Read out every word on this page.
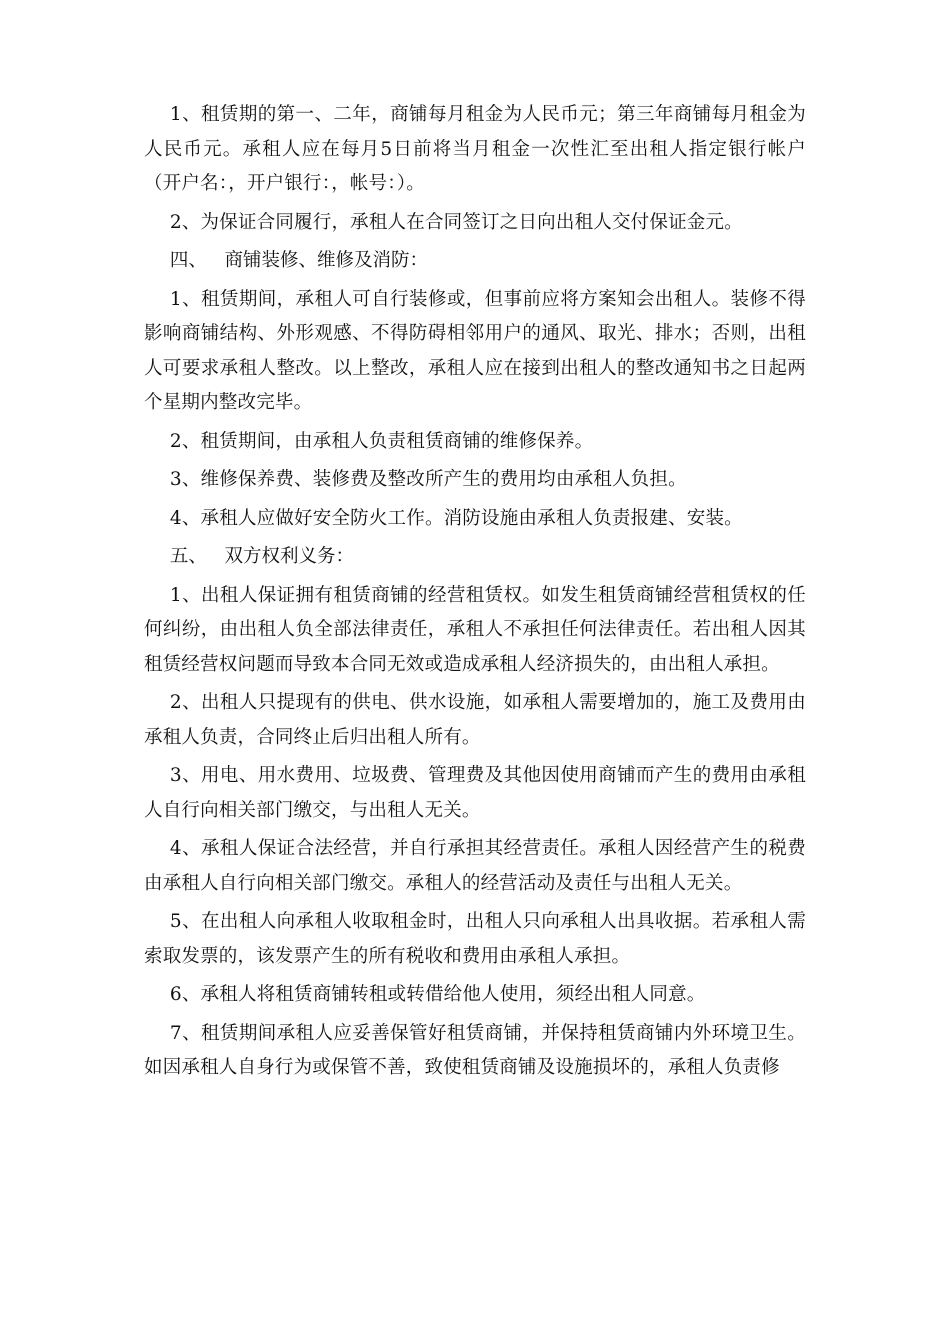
1、租赁期的第一、二年，商铺每月租金为人民币元；第三年商铺每月租金为人民币元。承租人应在每月5日前将当月租金一次性汇至出租人指定银行帐户（开户名：，开户银行：，帐号：）。

2、为保证合同履行，承租人在合同签订之日向出租人交付保证金元。

四、   商铺装修、维修及消防：

1、租赁期间，承租人可自行装修或，但事前应将方案知会出租人。装修不得影响商铺结构、外形观感、不得防碍相邻用户的通风、取光、排水；否则，出租人可要求承租人整改。以上整改，承租人应在接到出租人的整改通知书之日起两个星期内整改完毕。

2、租赁期间，由承租人负责租赁商铺的维修保养。

3、维修保养费、装修费及整改所产生的费用均由承租人负担。

4、承租人应做好安全防火工作。消防设施由承租人负责报建、安装。

五、   双方权利义务：

1、出租人保证拥有租赁商铺的经营租赁权。如发生租赁商铺经营租赁权的任何纠纷，由出租人负全部法律责任，承租人不承担任何法律责任。若出租人因其租赁经营权问题而导致本合同无效或造成承租人经济损失的，由出租人承担。

2、出租人只提现有的供电、供水设施，如承租人需要增加的，施工及费用由承租人负责，合同终止后归出租人所有。

3、用电、用水费用、垃圾费、管理费及其他因使用商铺而产生的费用由承租人自行向相关部门缴交，与出租人无关。

4、承租人保证合法经营，并自行承担其经营责任。承租人因经营产生的税费由承租人自行向相关部门缴交。承租人的经营活动及责任与出租人无关。

5、在出租人向承租人收取租金时，出租人只向承租人出具收据。若承租人需索取发票的，该发票产生的所有税收和费用由承租人承担。

6、承租人将租赁商铺转租或转借给他人使用，须经出租人同意。

7、租赁期间承租人应妥善保管好租赁商铺，并保持租赁商铺内外环境卫生。如因承租人自身行为或保管不善，致使租赁商铺及设施损坏的，承租人负责修
